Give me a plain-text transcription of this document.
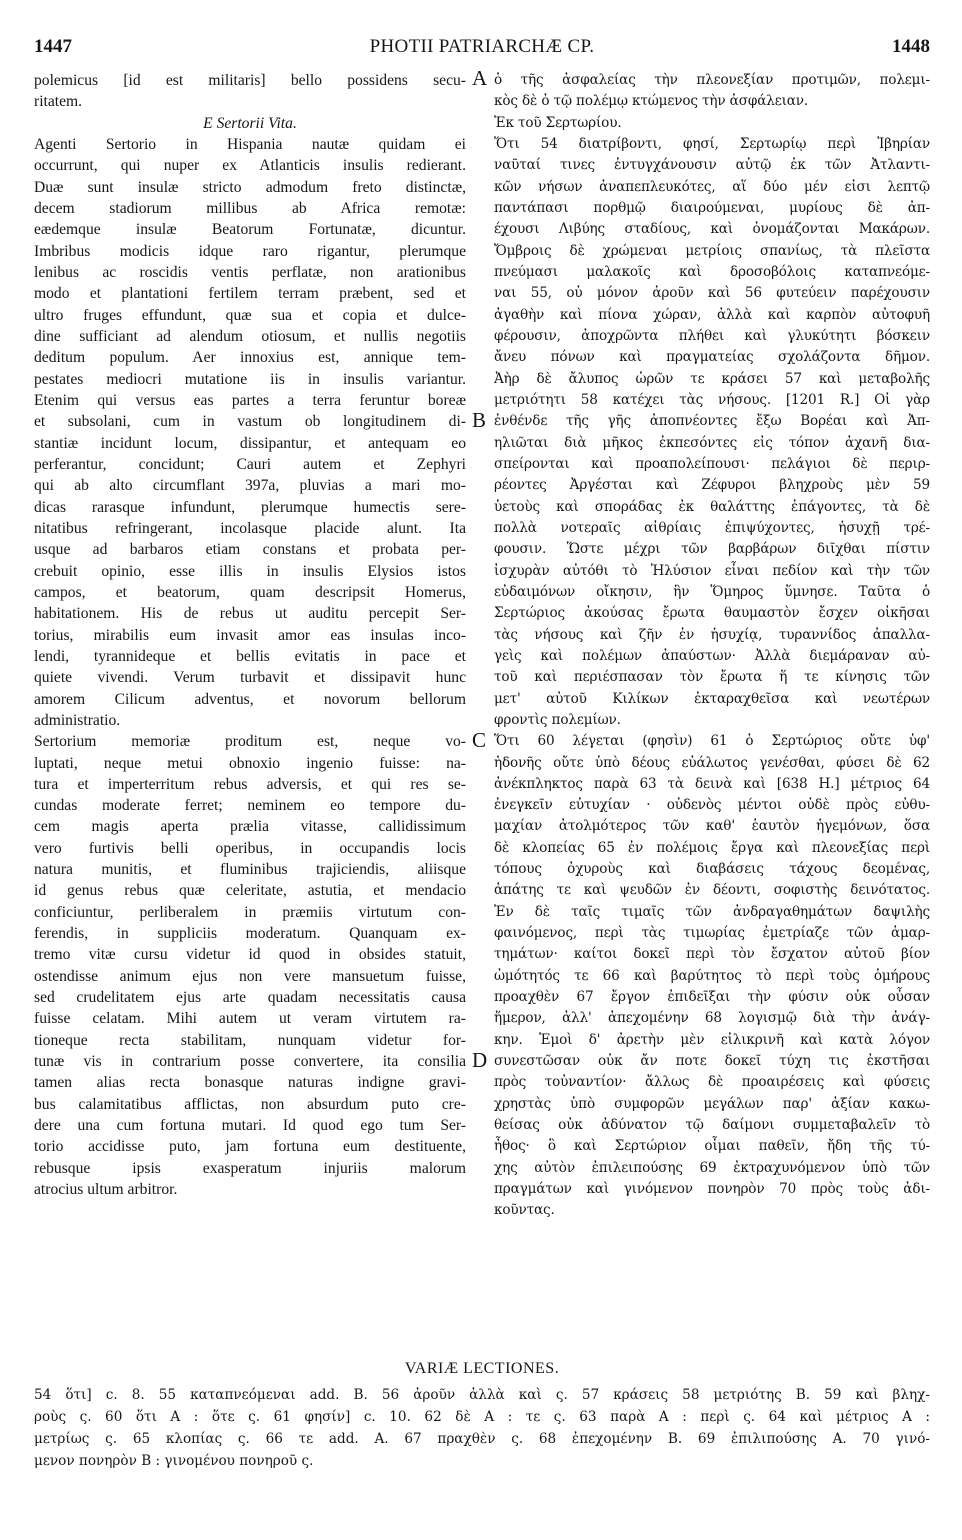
1447	PHOTII PATRIARCHÆ CP.	1448
polemicus [id est militaris] bello possidens secu-
ritatem.
E Sertorii Vita.
Agenti Sertorio in Hispania nautæ quidam ei
occurrunt, qui nuper ex Atlanticis insulis redierant.
Duæ sunt insulæ stricto admodum freto distinctæ,
decem stadiorum millibus ab Africa remotæ:
eædemque insulæ Beatorum Fortunatæ, dicuntur.
Imbribus modicis idque raro rigantur, plerumque
lenibus ac roscidis ventis perflatæ, non arationibus
modo et plantationi fertilem terram præbent, sed et
ultro fruges effundunt, quæ sua et copia et dulce-
dine sufficiant ad alendum otiosum, et nullis negotiis
deditum populum. Aer innoxius est, annique tem-
pestates mediocri mutatione iis in insulis variantur.
Etenim qui versus eas partes a terra feruntur boreæ
et subsolani, cum in vastum ob longitudinem di-
stantiæ incidunt locum, dissipantur, et antequam eo
perferantur, concidunt; Cauri autem et Zephyri
qui ab alto circumflant 397a, pluvias a mari mo-
dicas rarasque infundunt, plerumque humectis sere-
nitatibus refringerant, incolasque placide alunt. Ita
usque ad barbaros etiam constans et probata per-
crebuit opinio, esse illis in insulis Elysios istos
campos, et beatorum, quam descripsit Homerus,
habitationem. His de rebus ut auditu percepit Ser-
torius, mirabilis eum invasit amor eas insulas inco-
lendi, tyrannideque et bellis evitatis in pace et
quiete vivendi. Verum turbavit et dissipavit hunc
amorem Cilicum adventus, et novorum bellorum
administratio.
Sertorium memoriæ proditum est, neque vo-
luptati, neque metui obnoxio ingenio fuisse: na-
tura et imperterritum rebus adversis, et qui res se-
cundas moderate ferret; neminem eo tempore du-
cem magis aperta prælia vitasse, callidissimum
vero furtivis belli operibus, in occupandis locis
natura munitis, et fluminibus trajiciendis, aliisque
id genus rebus quæ celeritate, astutia, et mendacio
conficiuntur, perliberalem in præmiis virtutum con-
ferendis, in suppliciis moderatum. Quanquam ex-
tremo vitæ cursu videtur id quod in obsides statuit,
ostendisse animum ejus non vere mansuetum fuisse,
sed crudelitatem ejus arte quadam necessitatis causa
fuisse celatam. Mihi autem ut veram virtutem ra-
tioneque recta stabilitam, nunquam videtur for-
tunæ vis in contrarium posse convertere, ita consilia
tamen alias recta bonasque naturas indigne gravi-
bus calamitatibus afflictas, non absurdum puto cre-
dere una cum fortuna mutari. Id quod ego tum Ser-
torio accidisse puto, jam fortuna eum destituente,
rebusque ipsis exasperatum injuriis malorum
atrocius ultum arbitror.
ὁ τῆς ἀσφαλείας τὴν πλεονεξίαν προτιμῶν, πολεμι-
κὸς δὲ ὁ τῷ πολέμῳ κτώμενος τὴν ἀσφάλειαν.
Ἐκ τοῦ Σερτωρίου.
Ὅτι 54 διατρίβοντι, φησί, Σερτωρίῳ περὶ Ἰβηρίαν
ναῦταί τινες ἐντυγχάνουσιν αὐτῷ ἐκ τῶν Ἀτλαντι-
κῶν νήσων ἀναπεπλευκότες, αἵ δύο μέν εἰσι λεπτῷ
παντάπασι πορθμῷ διαιρούμεναι, μυρίους δὲ ἀπ-
έχουσι Λιβύης σταδίους, καὶ ὀνομάζονται Μακάρων.
Ὄμβροις δὲ χρώμεναι μετρίοις σπανίως, τὰ πλεῖστα
πνεύμασι μαλακοῖς καὶ δροσοβόλοις καταπνεόμε-
ναι 55, οὐ μόνον ἀροῦν καὶ 56 φυτεύειν παρέχουσιν
ἀγαθὴν καὶ πίονα χώραν, ἀλλὰ καὶ καρπὸν αὐτοφυῆ
φέρουσιν, ἀποχρῶντα πλήθει καὶ γλυκύτητι βόσκειν
ἄνευ πόνων καὶ πραγματείας σχολάζοντα δῆμον.
Ἀὴρ δὲ ἄλυπος ὡρῶν τε κράσει 57 καὶ μεταβολῆς
μετριότητι 58 κατέχει τὰς νήσους. [1201 R.] Οἱ γὰρ
ἐνθένδε τῆς γῆς ἀποπνέοντες ἔξω Βορέαι καὶ Ἀπ-
ηλιῶται διὰ μῆκος ἐκπεσόντες εἰς τόπον ἀχανῆ δια-
σπείρονται καὶ προαπολείπουσι· πελάγιοι δὲ περιρ-
ρέοντες Ἀργέσται καὶ Ζέφυροι βληχροὺς μὲν 59
ὑετοὺς καὶ σποράδας ἐκ θαλάττης ἐπάγοντες, τὰ δὲ
πολλὰ νοτεραῖς αἰθρίαις ἐπιψύχοντες, ἡσυχῇ τρέ-
φουσιν. Ὥστε μέχρι τῶν βαρβάρων διῖχθαι πίστιν
ἰσχυρὰν αὐτόθι τὸ Ἠλύσιον εἶναι πεδίον καὶ τὴν τῶν
εὐδαιμόνων οἴκησιν, ἣν Ὅμηρος ὕμνησε. Ταῦτα ὁ
Σερτώριος ἀκούσας ἔρωτα θαυμαστὸν ἔσχεν οἰκῆσαι
τὰς νήσους καὶ ζῆν ἐν ἡσυχίᾳ, τυραννίδος ἀπαλλα-
γεὶς καὶ πολέμων ἀπαύστων· Ἀλλὰ διεμάραναν αὐ-
τοῦ καὶ περιέσπασαν τὸν ἔρωτα ἥ τε κίνησις τῶν
μετ' αὐτοῦ Κιλίκων ἐκταραχθεῖσα καὶ νεωτέρων
φροντὶς πολεμίων.
Ὅτι 60 λέγεται (φησὶν) 61 ὁ Σερτώριος οὔτε ὑφ'
ἡδονῆς οὔτε ὑπὸ δέους εὐάλωτος γενέσθαι, φύσει δὲ 62
ἀνέκπληκτος παρὰ 63 τὰ δεινὰ καὶ [638 H.] μέτριος 64
ἐνεγκεῖν εὐτυχίαν · οὐδενὸς μέντοι οὐδὲ πρὸς εὐθυ-
μαχίαν ἀτολμότερος τῶν καθ' ἑαυτὸν ἡγεμόνων, ὅσα
δὲ κλοπείας 65 ἐν πολέμοις ἔργα καὶ πλεονεξίας περὶ
τόπους ὀχυροὺς καὶ διαβάσεις τάχους δεομένας,
ἀπάτης τε καὶ ψευδῶν ἐν δέοντι, σοφιστὴς δεινότατος.
Ἐν δὲ ταῖς τιμαῖς τῶν ἀνδραγαθημάτων δαψιλὴς
φαινόμενος, περὶ τὰς τιμωρίας ἐμετρίαζε τῶν ἁμαρ-
τημάτων· καίτοι δοκεῖ περὶ τὸν ἔσχατον αὐτοῦ βίον
ὠμότητός τε 66 καὶ βαρύτητος τὸ περὶ τοὺς ὁμήρους
προαχθὲν 67 ἔργον ἐπιδεῖξαι τὴν φύσιν οὐκ οὖσαν
ἥμερον, ἀλλ' ἀπεχομένην 68 λογισμῷ διὰ τὴν ἀνάγ-
κην. Ἐμοὶ δ' ἀρετὴν μὲν εἰλικρινῆ καὶ κατὰ λόγον
συνεστῶσαν οὐκ ἄν ποτε δοκεῖ τύχη τις ἐκστῆσαι
πρὸς τοὐναντίον· ἄλλως δὲ προαιρέσεις καὶ φύσεις
χρηστὰς ὑπὸ συμφορῶν μεγάλων παρ' ἀξίαν κακω-
θείσας οὐκ ἀδύνατον τῷ δαίμονι συμμεταβαλεῖν τὸ
ἦθος· ὃ καὶ Σερτώριον οἶμαι παθεῖν, ἤδη τῆς τύ-
χης αὐτὸν ἐπιλειπούσης 69 ἐκτραχυνόμενον ὑπὸ τῶν
πραγμάτων καὶ γινόμενον πονηρὸν 70 πρὸς τοὺς ἀδι-
κοῦντας.
A
B
C
D
VARIÆ LECTIONES.
54 ὅτι] c. 8. 55 καταπνεόμεναι add. B. 56 ἀροῦν ἀλλὰ καὶ ς. 57 κράσεις 58 μετριότης B. 59 καὶ βληχ-
ροὺς ς. 60 ὅτι A : ὅτε ς. 61 φησίν] c. 10. 62 δὲ A : τε ς. 63 παρὰ A : περὶ ς. 64 καὶ μέτριος A :
μετρίως ς. 65 κλοπίας ς. 66 τε add. A. 67 πραχθὲν ς. 68 ἐπεχομένην B. 69 ἐπιλιπούσης A. 70 γινό-
μενον πονηρὸν B : γινομένου πονηροῦ ς.
